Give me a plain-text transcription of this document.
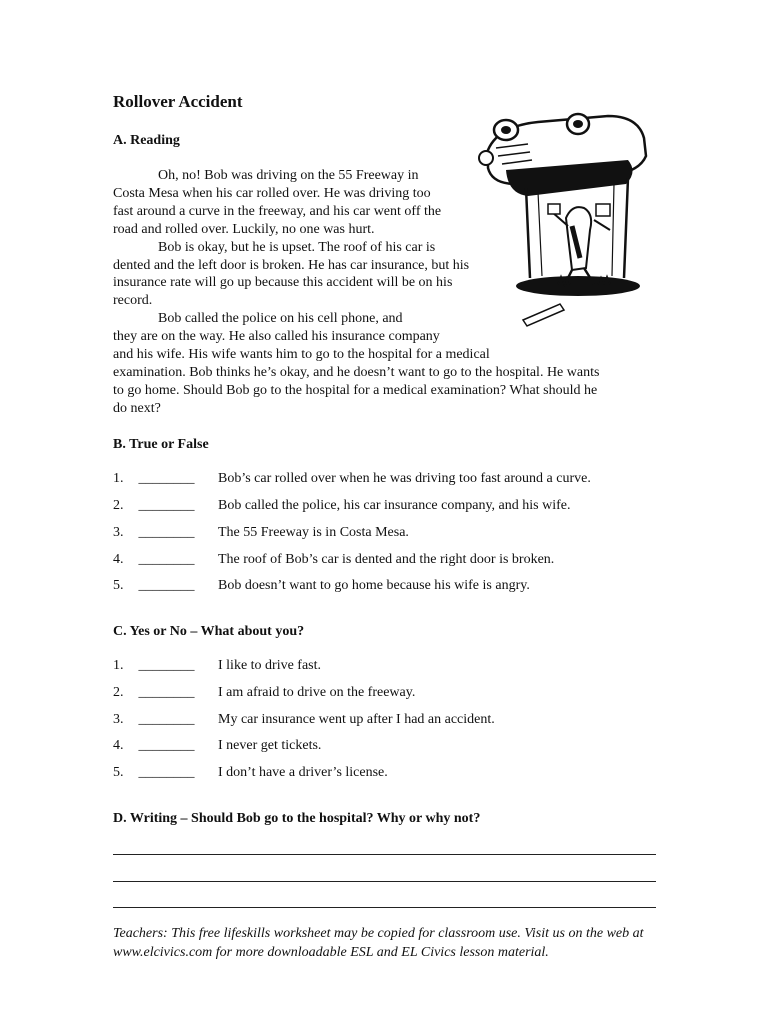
Rollover Accident
A. Reading
Oh, no! Bob was driving on the 55 Freeway in
Costa Mesa when his car rolled over. He was driving too
fast around a curve in the freeway, and his car went off the
road and rolled over. Luckily, no one was hurt.
Bob is okay, but he is upset. The roof of his car is
dented and the left door is broken. He has car insurance, but his
insurance rate will go up because this accident will be on his
record.
Bob called the police on his cell phone, and
they are on the way. He also called his insurance company
and his wife. His wife wants him to go to the hospital for a medical
examination. Bob thinks he’s okay, and he doesn’t want to go to the hospital. He wants
to go home. Should Bob go to the hospital for a medical examination? What should he
do next?
B. True or False
1. ________ Bob’s car rolled over when he was driving too fast around a curve.
2. ________ Bob called the police, his car insurance company, and his wife.
3. ________ The 55 Freeway is in Costa Mesa.
4. ________ The roof of Bob’s car is dented and the right door is broken.
5. ________ Bob doesn’t want to go home because his wife is angry.
C. Yes or No – What about you?
1. ________ I like to drive fast.
2. ________ I am afraid to drive on the freeway.
3. ________ My car insurance went up after I had an accident.
4. ________ I never get tickets.
5. ________ I don’t have a driver’s license.
D. Writing – Should Bob go to the hospital? Why or why not?
Teachers: This free lifeskills worksheet may be copied for classroom use. Visit us on the web at www.elcivics.com for more downloadable ESL and EL Civics lesson material.
